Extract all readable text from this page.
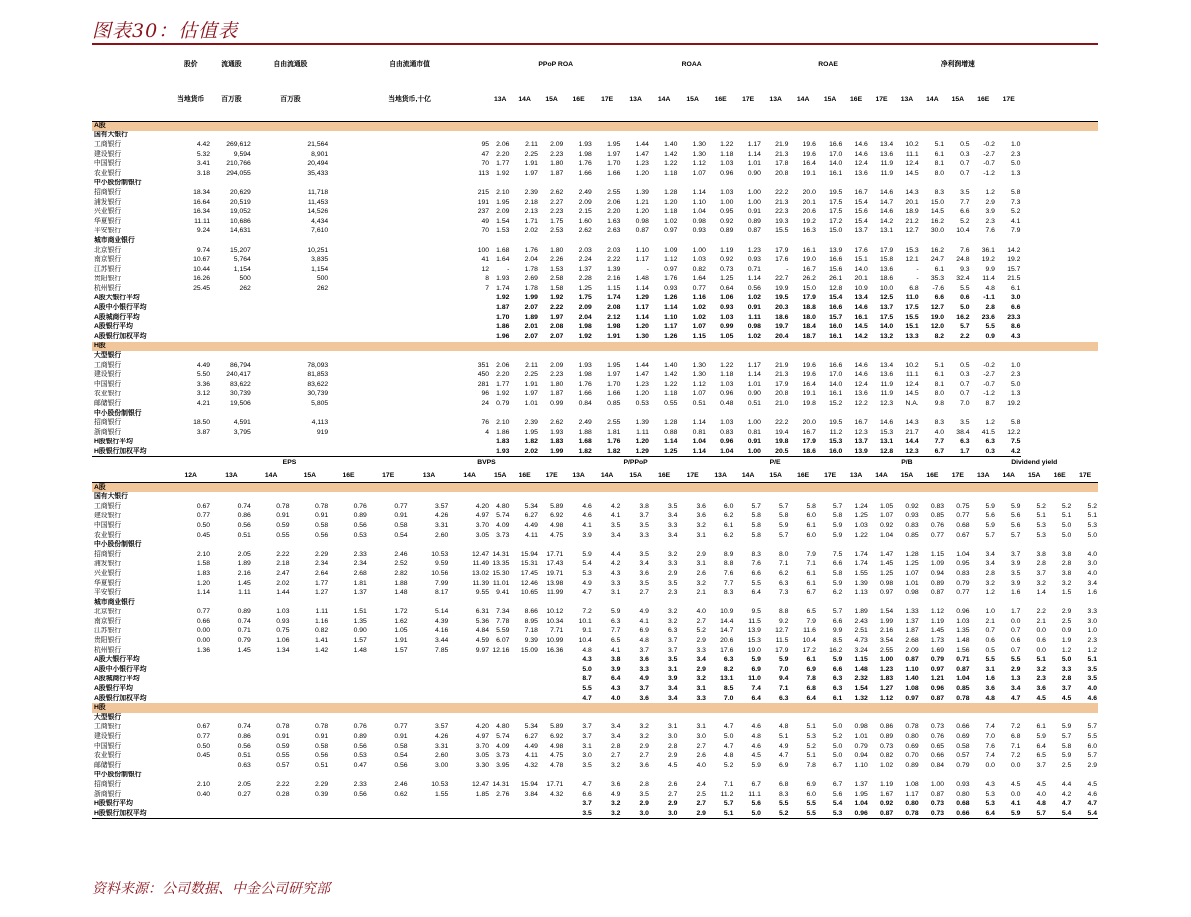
图表30：估值表
	股价	流通股	自由流通股		自由流通市值				PPoP ROA					ROAA					ROAE					净利润增速							
	当地货币	百万股	百万股		当地货币,十亿				13A	14A	15A	16E	17E	13A	14A	15A	16E	17E	13A	14A	15A	16E	17E	13A	14A	15A	16E	17E			
A股																															
国有大银行																															
工商银行	4.42	269,612	21,564		95				2.06	2.11	2.09	1.93	1.95	1.44	1.40	1.30	1.22	1.17	21.9	19.6	16.6	14.6	13.4	10.2	5.1	0.5	-0.2	1.0			
建设银行	5.32	9,594	8,901		47				2.20	2.25	2.23	1.98	1.97	1.47	1.42	1.30	1.18	1.14	21.3	19.6	17.0	14.6	13.6	11.1	6.1	0.3	-2.7	2.3			
中国银行	3.41	210,766	20,494		70				1.77	1.91	1.80	1.76	1.70	1.23	1.22	1.12	1.03	1.01	17.8	16.4	14.0	12.4	11.9	12.4	8.1	0.7	-0.7	5.0			
农业银行	3.18	294,055	35,433		113				1.92	1.97	1.87	1.66	1.66	1.20	1.18	1.07	0.96	0.90	20.8	19.1	16.1	13.6	11.9	14.5	8.0	0.7	-1.2	1.3			
中小股份制银行																															
招商银行	18.34	20,629	11,718		215				2.10	2.39	2.62	2.49	2.55	1.39	1.28	1.14	1.03	1.00	22.2	20.0	19.5	16.7	14.6	14.3	8.3	3.5	1.2	5.8			
浦发银行	16.64	20,519	11,453		191				1.95	2.18	2.27	2.09	2.06	1.21	1.20	1.10	1.00	1.00	21.3	20.1	17.5	15.4	14.7	20.1	15.0	7.7	2.9	7.3			
兴业银行	16.34	19,052	14,526		237				2.09	2.13	2.23	2.15	2.20	1.20	1.18	1.04	0.95	0.91	22.3	20.6	17.5	15.6	14.6	18.9	14.5	6.6	3.9	5.2			
华夏银行	11.11	10,686	4,434		49				1.54	1.71	1.75	1.60	1.63	0.98	1.02	0.98	0.92	0.89	19.3	19.2	17.2	15.4	14.2	21.2	16.2	5.2	2.3	4.1			
平安银行	9.24	14,631	7,610		70				1.53	2.02	2.53	2.62	2.63	0.87	0.97	0.93	0.89	0.87	15.5	16.3	15.0	13.7	13.1	12.7	30.0	10.4	7.6	7.9			
城市商业银行																															
北京银行	9.74	15,207	10,251		100				1.68	1.76	1.80	2.03	2.03	1.10	1.09	1.00	1.19	1.23	17.9	16.1	13.9	17.6	17.9	15.3	16.2	7.6	36.1	14.2			
南京银行	10.67	5,764	3,835		41				1.64	2.04	2.26	2.24	2.22	1.17	1.12	1.03	0.92	0.93	17.6	19.0	16.6	15.1	15.8	12.1	24.7	24.8	19.2	19.2			
江苏银行	10.44	1,154	1,154		12				-	1.78	1.53	1.37	1.39	-	0.97	0.82	0.73	0.71	-	16.7	15.6	14.0	13.6	-	6.1	9.3	9.9	15.7			
贵阳银行	16.26	500	500		8				1.93	2.69	2.58	2.28	2.16	1.48	1.76	1.64	1.25	1.14	22.7	26.2	26.1	20.1	18.6	-	35.3	32.4	11.4	21.5			
杭州银行	25.45	262	262		7				1.74	1.78	1.58	1.25	1.15	1.14	0.93	0.77	0.64	0.56	19.9	15.0	12.8	10.9	10.0	6.8	-7.6	5.5	4.8	6.1			
A股大银行平均									1.92	1.99	1.92	1.75	1.74	1.29	1.26	1.16	1.06	1.02	19.5	17.9	15.4	13.4	12.5	11.0	6.6	0.6	-1.1	3.0			
A股中小银行平均									1.87	2.07	2.22	2.09	2.08	1.17	1.14	1.02	0.93	0.91	20.3	18.8	16.6	14.6	13.7	17.5	12.7	5.0	2.8	6.6			
A股城商行平均									1.70	1.89	1.97	2.04	2.12	1.14	1.10	1.02	1.03	1.11	18.6	18.0	15.7	16.1	17.5	15.5	19.0	16.2	23.6	23.3			
A股银行平均									1.86	2.01	2.08	1.98	1.98	1.20	1.17	1.07	0.99	0.98	19.7	18.4	16.0	14.5	14.0	15.1	12.0	5.7	5.5	8.6			
A股银行加权平均									1.96	2.07	2.07	1.92	1.91	1.30	1.26	1.15	1.05	1.02	20.4	18.7	16.1	14.2	13.2	13.3	8.2	2.2	0.9	4.3			
H股																															
大型银行																															
工商银行	4.49	86,794	78,093		351				2.06	2.11	2.09	1.93	1.95	1.44	1.40	1.30	1.22	1.17	21.9	19.6	16.6	14.6	13.4	10.2	5.1	0.5	-0.2	1.0			
建设银行	5.50	240,417	81,853		450				2.20	2.25	2.23	1.98	1.97	1.47	1.42	1.30	1.18	1.14	21.3	19.6	17.0	14.6	13.6	11.1	6.1	0.3	-2.7	2.3			
中国银行	3.36	83,622	83,622		281				1.77	1.91	1.80	1.76	1.70	1.23	1.22	1.12	1.03	1.01	17.9	16.4	14.0	12.4	11.9	12.4	8.1	0.7	-0.7	5.0			
农业银行	3.12	30,739	30,739		96				1.92	1.97	1.87	1.66	1.66	1.20	1.18	1.07	0.96	0.90	20.8	19.1	16.1	13.6	11.9	14.5	8.0	0.7	-1.2	1.3			
邮储银行	4.21	19,506	5,805		24				0.79	1.01	0.99	0.84	0.85	0.53	0.55	0.51	0.48	0.51	21.0	19.8	15.2	12.2	12.3	N.A.	9.8	7.0	8.7	19.2			
中小股份制银行																															
招商银行	18.50	4,591	4,113		76				2.10	2.39	2.62	2.49	2.55	1.39	1.28	1.14	1.03	1.00	22.2	20.0	19.5	16.7	14.6	14.3	8.3	3.5	1.2	5.8			
浙商银行	3.87	3,795	919		4				1.86	1.95	1.93	1.88	1.81	1.11	0.88	0.81	0.83	0.81	19.4	16.7	11.2	12.3	15.3	21.7	4.0	38.4	41.5	12.2			
H股银行平均									1.83	1.82	1.83	1.68	1.76	1.20	1.14	1.04	0.96	0.91	19.8	17.9	15.3	13.7	13.1	14.4	7.7	6.3	6.3	7.5			
H股银行加权平均									1.93	2.02	1.99	1.82	1.82	1.29	1.25	1.14	1.04	1.00	20.5	18.6	16.0	13.9	12.8	12.3	6.7	1.7	0.3	4.2			
	EPS						BVPS					P/PPoP					P/E					P/B					Dividend yield				
	12A	13A	14A	15A	16E	17E	13A	14A	15A	16E	17E	13A	14A	15A	16E	17E	13A	14A	15A	16E	17E	13A	14A	15A	16E	17E	13A	14A	15A	16E	17E
A股																															
国有大银行																															
工商银行	0.67	0.74	0.78	0.78	0.76	0.77	3.57	4.20	4.80	5.34	5.89	4.6	4.2	3.8	3.5	3.6	6.0	5.7	5.7	5.8	5.7	1.24	1.05	0.92	0.83	0.75	5.9	5.9	5.2	5.2	5.2
建设银行	0.77	0.86	0.91	0.91	0.89	0.91	4.26	4.97	5.74	6.27	6.92	4.6	4.1	3.7	3.4	3.6	6.2	5.8	5.8	6.0	5.8	1.25	1.07	0.93	0.85	0.77	5.6	5.6	5.1	5.1	5.1
中国银行	0.50	0.56	0.59	0.58	0.56	0.58	3.31	3.70	4.09	4.49	4.98	4.1	3.5	3.5	3.3	3.2	6.1	5.8	5.9	6.1	5.9	1.03	0.92	0.83	0.76	0.68	5.9	5.6	5.3	5.0	5.3
农业银行	0.45	0.51	0.55	0.56	0.53	0.54	2.60	3.05	3.73	4.11	4.75	3.9	3.4	3.3	3.4	3.1	6.2	5.8	5.7	6.0	5.9	1.22	1.04	0.85	0.77	0.67	5.7	5.7	5.3	5.0	5.0
中小股份制银行																															
招商银行	2.10	2.05	2.22	2.29	2.33	2.46	10.53	12.47	14.31	15.94	17.71	5.9	4.4	3.5	3.2	2.9	8.9	8.3	8.0	7.9	7.5	1.74	1.47	1.28	1.15	1.04	3.4	3.7	3.8	3.8	4.0
浦发银行	1.58	1.89	2.18	2.34	2.34	2.52	9.59	11.49	13.35	15.31	17.43	5.4	4.2	3.4	3.3	3.1	8.8	7.6	7.1	7.1	6.6	1.74	1.45	1.25	1.09	0.95	3.4	3.9	2.8	2.8	3.0
兴业银行	1.83	2.16	2.47	2.64	2.68	2.82	10.56	13.02	15.30	17.45	19.71	5.3	4.3	3.6	2.9	2.6	7.6	6.6	6.2	6.1	5.8	1.55	1.25	1.07	0.94	0.83	2.8	3.5	3.7	3.8	4.0
华夏银行	1.20	1.45	2.02	1.77	1.81	1.88	7.99	11.39	11.01	12.46	13.98	4.9	3.3	3.5	3.5	3.2	7.7	5.5	6.3	6.1	5.9	1.39	0.98	1.01	0.89	0.79	3.2	3.9	3.2	3.2	3.4
平安银行	1.14	1.11	1.44	1.27	1.37	1.48	8.17	9.55	9.41	10.65	11.99	4.7	3.1	2.7	2.3	2.1	8.3	6.4	7.3	6.7	6.2	1.13	0.97	0.98	0.87	0.77	1.2	1.6	1.4	1.5	1.6
城市商业银行																															
北京银行	0.77	0.89	1.03	1.11	1.51	1.72	5.14	6.31	7.34	8.66	10.12	7.2	5.9	4.9	3.2	4.0	10.9	9.5	8.8	6.5	5.7	1.89	1.54	1.33	1.12	0.96	1.0	1.7	2.2	2.9	3.3
南京银行	0.66	0.74	0.93	1.16	1.35	1.62	4.39	5.36	7.78	8.95	10.34	10.1	6.3	4.1	3.2	2.7	14.4	11.5	9.2	7.9	6.6	2.43	1.99	1.37	1.19	1.03	2.1	0.0	2.1	2.5	3.0
江苏银行	0.00	0.71	0.75	0.82	0.90	1.05	4.16	4.84	5.59	7.18	7.71	9.1	7.7	6.9	6.3	5.2	14.7	13.9	12.7	11.6	9.9	2.51	2.16	1.87	1.45	1.35	0.7	0.7	0.0	0.9	1.0
贵阳银行	0.00	0.79	1.06	1.41	1.57	1.91	3.44	4.59	6.07	9.39	10.99	10.4	6.5	4.8	3.7	2.9	20.6	15.3	11.5	10.4	8.5	4.73	3.54	2.68	1.73	1.48	0.6	0.6	0.6	1.9	2.3
杭州银行	1.36	1.45	1.34	1.42	1.48	1.57	7.85	9.97	12.16	15.09	16.36	4.8	4.1	3.7	3.7	3.3	17.6	19.0	17.9	17.2	16.2	3.24	2.55	2.09	1.69	1.56	0.5	0.7	0.0	1.2	1.2
A股大银行平均												4.3	3.8	3.6	3.5	3.4	6.3	5.9	5.9	6.1	5.9	1.15	1.00	0.87	0.79	0.71	5.5	5.5	5.1	5.0	5.1
A股中小银行平均												5.0	3.9	3.3	3.1	2.9	8.2	6.9	7.0	6.9	6.6	1.48	1.23	1.10	0.97	0.87	3.1	2.9	3.2	3.3	3.5
A股城商行平均												8.7	6.4	4.9	3.9	3.2	13.1	11.0	9.4	7.8	6.3	2.32	1.83	1.40	1.21	1.04	1.6	1.3	2.3	2.8	3.5
A股银行平均												5.5	4.3	3.7	3.4	3.1	8.5	7.4	7.1	6.8	6.3	1.54	1.27	1.08	0.96	0.85	3.6	3.4	3.6	3.7	4.0
A股银行加权平均												4.7	4.0	3.6	3.4	3.3	7.0	6.4	6.3	6.4	6.1	1.32	1.12	0.97	0.87	0.78	4.8	4.7	4.5	4.5	4.6
H股																															
大型银行																															
工商银行	0.67	0.74	0.78	0.78	0.76	0.77	3.57	4.20	4.80	5.34	5.89	3.7	3.4	3.2	3.1	3.1	4.7	4.6	4.8	5.1	5.0	0.98	0.86	0.78	0.73	0.66	7.4	7.2	6.1	5.9	5.7
建设银行	0.77	0.86	0.91	0.91	0.89	0.91	4.26	4.97	5.74	6.27	6.92	3.7	3.4	3.2	3.0	3.0	5.0	4.8	5.1	5.3	5.2	1.01	0.89	0.80	0.76	0.69	7.0	6.8	5.9	5.7	5.5
中国银行	0.50	0.56	0.59	0.58	0.56	0.58	3.31	3.70	4.09	4.49	4.98	3.1	2.8	2.9	2.8	2.7	4.7	4.6	4.9	5.2	5.0	0.79	0.73	0.69	0.65	0.58	7.6	7.1	6.4	5.8	6.0
农业银行	0.45	0.51	0.55	0.56	0.53	0.54	2.60	3.05	3.73	4.11	4.75	3.0	2.7	2.7	2.9	2.6	4.8	4.5	4.7	5.1	5.0	0.94	0.82	0.70	0.66	0.57	7.4	7.2	6.5	5.9	5.7
邮储银行		0.63	0.57	0.51	0.47	0.56	3.00	3.30	3.95	4.32	4.78	3.5	3.2	3.6	4.5	4.0	5.2	5.9	6.9	7.8	6.7	1.10	1.02	0.89	0.84	0.79	0.0	0.0	3.7	2.5	2.9
中小股份制银行																															
招商银行	2.10	2.05	2.22	2.29	2.33	2.46	10.53	12.47	14.31	15.94	17.71	4.7	3.6	2.8	2.6	2.4	7.1	6.7	6.8	6.9	6.7	1.37	1.19	1.08	1.00	0.93	4.3	4.5	4.5	4.4	4.5
浙商银行	0.40	0.27	0.28	0.39	0.56	0.62	1.55	1.85	2.76	3.84	4.32	6.6	4.9	3.5	2.7	2.5	11.2	11.1	8.3	6.0	5.6	1.95	1.67	1.17	0.87	0.80	5.3	0.0	4.0	4.2	4.6
H股银行平均												3.7	3.2	2.9	2.9	2.7	5.7	5.6	5.5	5.5	5.4	1.04	0.92	0.80	0.73	0.68	5.3	4.1	4.8	4.7	4.7
H股银行加权平均												3.5	3.2	3.0	3.0	2.9	5.1	5.0	5.2	5.5	5.3	0.96	0.87	0.78	0.73	0.66	6.4	5.9	5.7	5.4	5.4
资料来源：公司数据、中金公司研究部
